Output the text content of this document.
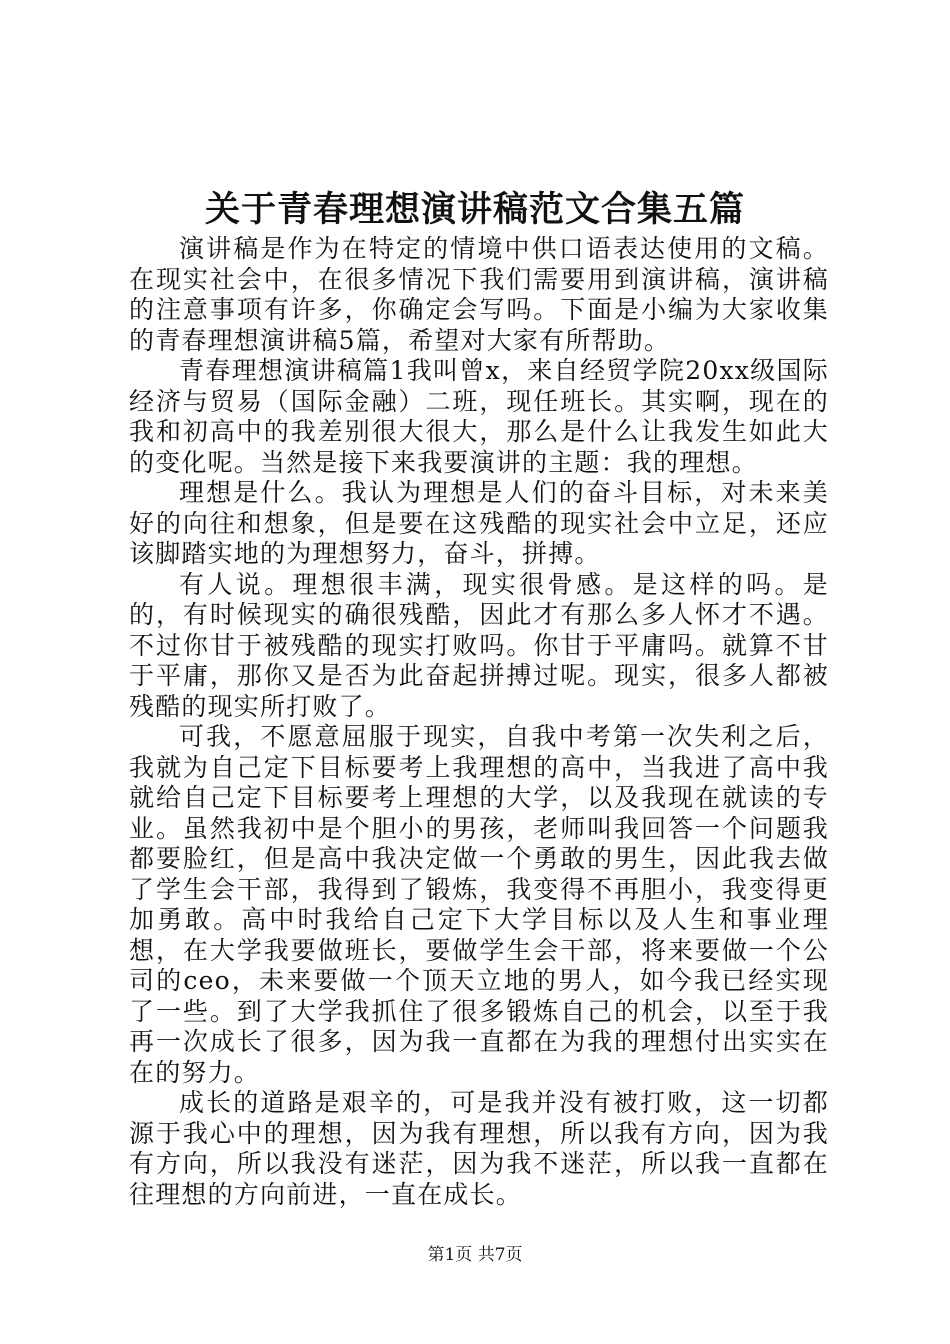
关于青春理想演讲稿范文合集五篇

演讲稿是作为在特定的情境中供口语表达使用的文稿。在现实社会中，在很多情况下我们需要用到演讲稿，演讲稿的注意事项有许多，你确定会写吗。下面是小编为大家收集的青春理想演讲稿5篇，希望对大家有所帮助。

青春理想演讲稿篇1我叫曾x，来自经贸学院20xx级国际经济与贸易（国际金融）二班，现任班长。其实啊，现在的我和初高中的我差别很大很大，那么是什么让我发生如此大的变化呢。当然是接下来我要演讲的主题：我的理想。

理想是什么。我认为理想是人们的奋斗目标，对未来美好的向往和想象，但是要在这残酷的现实社会中立足，还应该脚踏实地的为理想努力，奋斗，拼搏。

有人说。理想很丰满，现实很骨感。是这样的吗。是的，有时候现实的确很残酷，因此才有那么多人怀才不遇。不过你甘于被残酷的现实打败吗。你甘于平庸吗。就算不甘于平庸，那你又是否为此奋起拼搏过呢。现实，很多人都被残酷的现实所打败了。

可我，不愿意屈服于现实，自我中考第一次失利之后，我就为自己定下目标要考上我理想的高中，当我进了高中我就给自己定下目标要考上理想的大学，以及我现在就读的专业。虽然我初中是个胆小的男孩，老师叫我回答一个问题我都要脸红，但是高中我决定做一个勇敢的男生，因此我去做了学生会干部，我得到了锻炼，我变得不再胆小，我变得更加勇敢。高中时我给自己定下大学目标以及人生和事业理想，在大学我要做班长，要做学生会干部，将来要做一个公司的ceo，未来要做一个顶天立地的男人，如今我已经实现了一些。到了大学我抓住了很多锻炼自己的机会，以至于我再一次成长了很多，因为我一直都在为我的理想付出实实在在的努力。

成长的道路是艰辛的，可是我并没有被打败，这一切都源于我心中的理想，因为我有理想，所以我有方向，因为我有方向，所以我没有迷茫，因为我不迷茫，所以我一直都在往理想的方向前进，一直在成长。

第1页 共7页
